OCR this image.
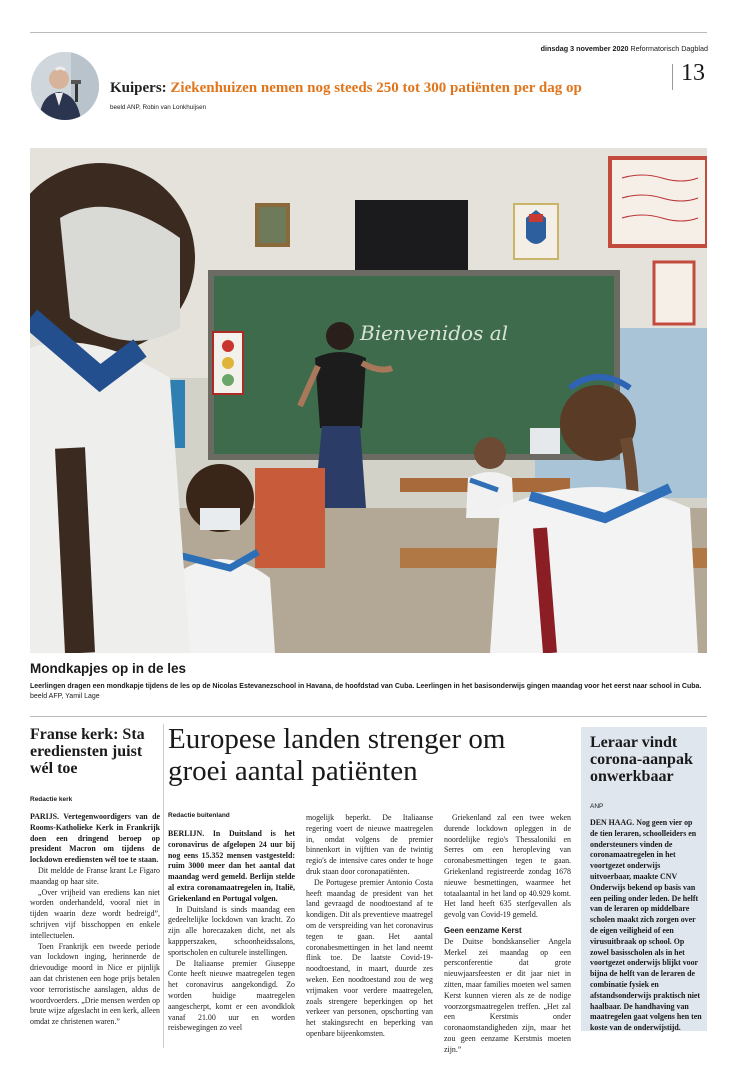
dinsdag 3 november 2020 Reformatorisch Dagblad
13
Kuipers: Ziekenhuizen nemen nog steeds 250 tot 300 patiënten per dag op
beeld ANP, Robin van Lonkhuijsen
Bienvenidos al
Mondkapjes op in de les
Leerlingen dragen een mondkapje tijdens de les op de Nicolas Estevanezschool in Havana, de hoofdstad van Cuba. Leerlingen in het basisonderwijs gingen maandag voor het eerst naar school in Cuba. beeld AFP, Yamil Lage
Franse kerk: Sta erediensten juist wél toe
Redactie kerk

PARIJS. Vertegenwoordigers van de Rooms-Katholieke Kerk in Frankrijk doen een dringend beroep op president Macron om tijdens de lockdown erediensten wél toe te staan.

Dit meldde de Franse krant Le Figaro maandag op haar site.

„Over vrijheid van erediens kan niet worden onderhandeld, vooral niet in tijden waarin deze wordt bedreigd”, schrijven vijf bisschoppen en enkele intellectuelen.

Toen Frankrijk een tweede periode van lockdown inging, herinnerde de drievoudige moord in Nice er pijnlijk aan dat christenen een hoge prijs betalen voor terroristische aanslagen, aldus de woordvoerders. „Drie mensen werden op brute wijze afgeslacht in een kerk, alleen omdat ze christenen waren.”

Europese landen strenger om groei aantal patiënten
Redactie buitenland

BERLIJN. In Duitsland is het coronavirus de afgelopen 24 uur bij nog eens 15.352 mensen vastgesteld: ruim 3000 meer dan het aantal dat maandag werd gemeld. Berlijn stelde al extra coronamaatregelen in, Italië, Griekenland en Portugal volgen.

In Duitsland is sinds maandag een gedeeltelijke lockdown van kracht. Zo zijn alle horecazaken dicht, net als kappperszaken, schoonheidssalons, sportscholen en culturele instellingen.

De Italiaanse premier Giuseppe Conte heeft nieuwe maatregelen tegen het coronavirus aangekondigd. Zo worden huidige maatregelen aangescherpt, komt er een avondklok vanaf 21.00 uur en worden reisbewegingen zo veel

mogelijk beperkt. De Italiaanse regering voert de nieuwe maatregelen in, omdat volgens de premier binnenkort in vijftien van de twintig regio's de intensive cares onder te hoge druk staan door coronapatiënten.

De Portugese premier Antonio Costa heeft maandag de president van het land gevraagd de noodtoestand af te kondigen. Dit als preventieve maatregel om de verspreiding van het coronavirus tegen te gaan. Het aantal coronabesmettingen in het land neemt flink toe. De laatste Covid-19-noodtoestand, in maart, duurde zes weken. Een noodtoestand zou de weg vrijmaken voor verdere maatregelen, zoals strengere beperkingen op het verkeer van personen, opschorting van het stakingsrecht en beperking van openbare bijeenkomsten.

Griekenland zal een twee weken durende lockdown opleggen in de noordelijke regio's Thessaloniki en Serres om een heropleving van coronabesmettingen tegen te gaan. Griekenland registreerde zondag 1678 nieuwe besmettingen, waarmee het totaalaantal in het land op 40.929 komt. Het land heeft 635 sterfgevallen als gevolg van Covid-19 gemeld.

Geen eenzame Kerst

De Duitse bondskanselier Angela Merkel zei maandag op een persconferentie dat grote nieuwjaarsfeesten er dit jaar niet in zitten, maar families moeten wel samen Kerst kunnen vieren als ze de nodige voorzorgsmaatregelen treffen. „Het zal een Kerstmis onder coronaomstandigheden zijn, maar het zou geen eenzame Kerstmis moeten zijn.”

Leraar vindt corona-aanpak onwerkbaar
ANP

DEN HAAG. Nog geen vier op de tien leraren, schoolleiders en ondersteuners vinden de coronamaatregelen in het voortgezet onderwijs uitvoerbaar, maakte CNV Onderwijs bekend op basis van een peiling onder leden. De helft van de leraren op middelbare scholen maakt zich zorgen over de eigen veiligheid of een virusuitbraak op school. Op zowel basisscholen als in het voortgezet onderwijs blijkt voor bijna de helft van de leraren de combinatie fysiek en afstandsonderwijs praktisch niet haalbaar. De handhaving van maatregelen gaat volgens hen ten koste van de onderwijstijd.
